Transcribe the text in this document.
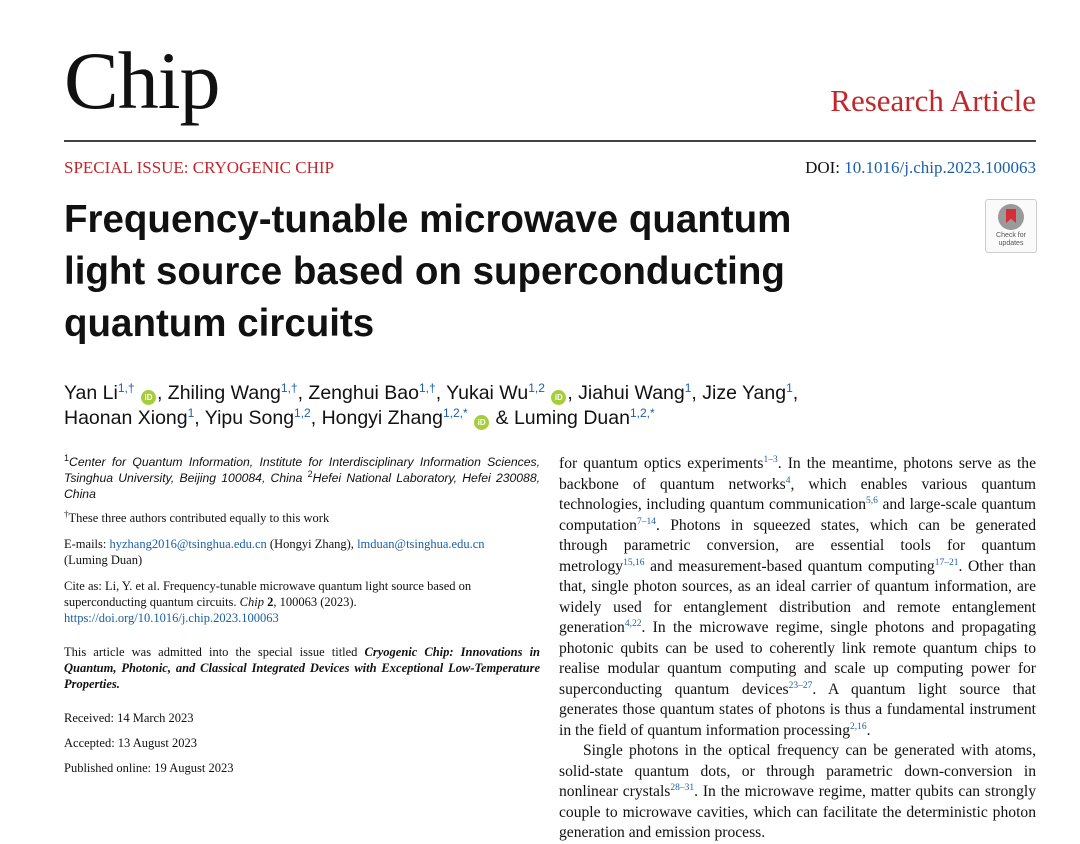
Chip	Research Article
SPECIAL ISSUE: CRYOGENIC CHIP	DOI: 10.1016/j.chip.2023.100063
Frequency-tunable microwave quantum
light source based on superconducting
quantum circuits
Check for
updates
Yan $Li^{1,\dagger}$ iD , Zhiling Wang$^{1,\dagger}$, Zenghui Bao$^{1,\dagger}$, Yukai Wu$^{1,2}$ iD , Jiahui Wang$^1$, Jize Yang$^1$,
Haonan Xiong$^1$, Yipu Song$^{1,2}$, Hongyi Zhang$^{1,2,*}$ iD & Luming Duan$^{1,2,*}$

$^1$Center for Quantum Information, Institute for Interdisciplinary Information Sciences, Tsinghua University, Beijing 100084, China $^2$Hefei National Laboratory, Hefei 230088, China

†These three authors contributed equally to this work

E-mails: hyzhang2016@tsinghua.edu.cn (Hongyi Zhang), lmduan@tsinghua.edu.cn
(Luming Duan)

Cite as: Li, Y. et al. Frequency-tunable microwave quantum light source based on superconducting quantum circuits. Chip 2, 100063 (2023).
https://doi.org/10.1016/j.chip.2023.100063

This article was admitted into the special issue titled Cryogenic Chip: Innovations in Quantum, Photonic, and Classical Integrated Devices with Exceptional Low-Temperature Properties.

Received: 14 March 2023

Accepted: 13 August 2023

Published online: 19 August 2023

for quantum optics experiments$^{1-3}$. In the meantime, photons serve as the backbone of quantum networks$^4$, which enables various quantum technologies, including quantum communication$^{5,6}$ and large-scale quantum computation$^{7-14}$. Photons in squeezed states, which can be generated through parametric conversion, are essential tools for quantum metrology$^{15,16}$ and measurement-based quantum computing$^{17-21}$. Other than that, single photon sources, as an ideal carrier of quantum information, are widely used for entanglement distribution and remote entanglement generation$^{4,22}$. In the microwave regime, single photons and propagating photonic qubits can be used to coherently link remote quantum chips to realise modular quantum computing and scale up computing power for superconducting quantum devices$^{23-27}$. A quantum light source that generates those quantum states of photons is thus a fundamental instrument in the field of quantum information processing$^{2,16}$.

Single photons in the optical frequency can be generated with atoms, solid-state quantum dots, or through parametric down-conversion in nonlinear crystals$^{28-31}$. In the microwave regime, matter qubits can strongly couple to microwave cavities, which can facilitate the deterministic photon generation and emission process.
